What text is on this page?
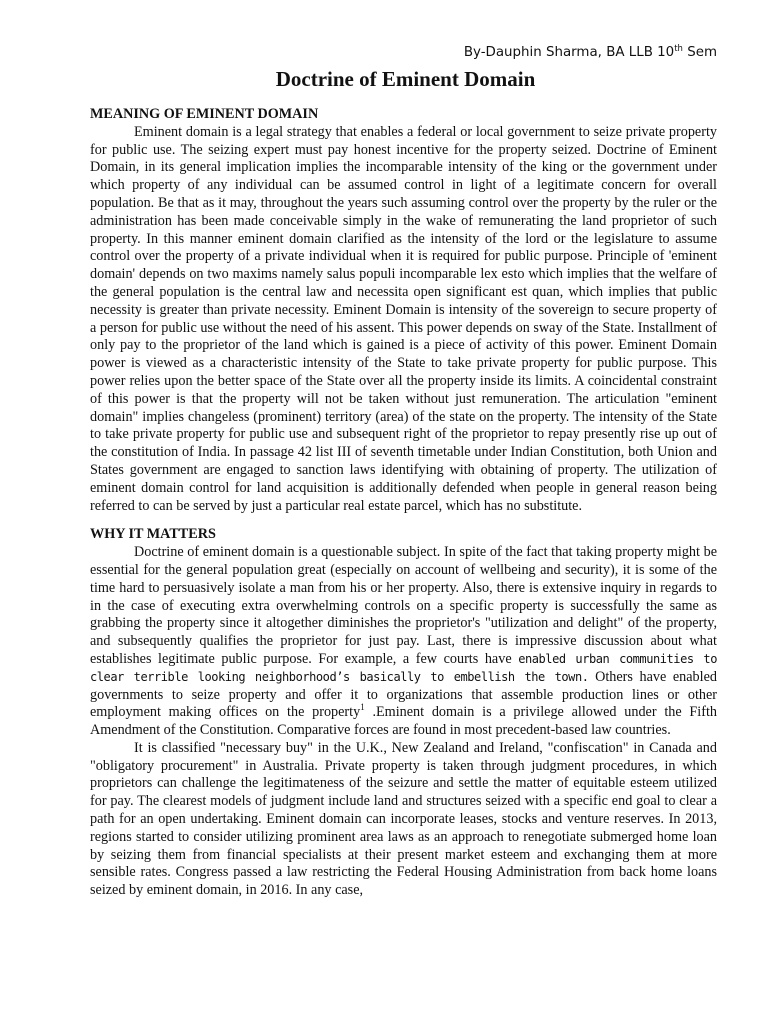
By-Dauphin Sharma, BA LLB 10th Sem
Doctrine of Eminent Domain
MEANING OF EMINENT DOMAIN

Eminent domain is a legal strategy that enables a federal or local government to seize private property for public use. The seizing expert must pay honest incentive for the property seized. Doctrine of Eminent Domain, in its general implication implies the incomparable intensity of the king or the government under which property of any individual can be assumed control in light of a legitimate concern for overall population. Be that as it may, throughout the years such assuming control over the property by the ruler or the administration has been made conceivable simply in the wake of remunerating the land proprietor of such property. In this manner eminent domain clarified as the intensity of the lord or the legislature to assume control over the property of a private individual when it is required for public purpose. Principle of 'eminent domain' depends on two maxims namely salus populi incomparable lex esto which implies that the welfare of the general population is the central law and necessita open significant est quan, which implies that public necessity is greater than private necessity. Eminent Domain is intensity of the sovereign to secure property of a person for public use without the need of his assent. This power depends on sway of the State. Installment of only pay to the proprietor of the land which is gained is a piece of activity of this power. Eminent Domain power is viewed as a characteristic intensity of the State to take private property for public purpose. This power relies upon the better space of the State over all the property inside its limits. A coincidental constraint of this power is that the property will not be taken without just remuneration. The articulation "eminent domain" implies changeless (prominent) territory (area) of the state on the property. The intensity of the State to take private property for public use and subsequent right of the proprietor to repay presently rise up out of the constitution of India. In passage 42 list III of seventh timetable under Indian Constitution, both Union and States government are engaged to sanction laws identifying with obtaining of property. The utilization of eminent domain control for land acquisition is additionally defended when people in general reason being referred to can be served by just a particular real estate parcel, which has no substitute.

WHY IT MATTERS

Doctrine of eminent domain is a questionable subject. In spite of the fact that taking property might be essential for the general population great (especially on account of wellbeing and security), it is some of the time hard to persuasively isolate a man from his or her property. Also, there is extensive inquiry in regards to in the case of executing extra overwhelming controls on a specific property is successfully the same as grabbing the property since it altogether diminishes the proprietor's "utilization and delight" of the property, and subsequently qualifies the proprietor for just pay. Last, there is impressive discussion about what establishes legitimate public purpose. For example, a few courts have enabled urban communities to clear terrible looking neighborhood’s basically to embellish the town. Others have enabled governments to seize property and offer it to organizations that assemble production lines or other employment making offices on the property$^1$ .Eminent domain is a privilege allowed under the Fifth Amendment of the Constitution. Comparative forces are found in most precedent-based law countries.

It is classified "necessary buy" in the U.K., New Zealand and Ireland, "confiscation" in Canada and "obligatory procurement" in Australia. Private property is taken through judgment procedures, in which proprietors can challenge the legitimateness of the seizure and settle the matter of equitable esteem utilized for pay. The clearest models of judgment include land and structures seized with a specific end goal to clear a path for an open undertaking. Eminent domain can incorporate leases, stocks and venture reserves. In 2013, regions started to consider utilizing prominent area laws as an approach to renegotiate submerged home loan by seizing them from financial specialists at their present market esteem and exchanging them at more sensible rates. Congress passed a law restricting the Federal Housing Administration from back home loans seized by eminent domain, in 2016. In any case,
